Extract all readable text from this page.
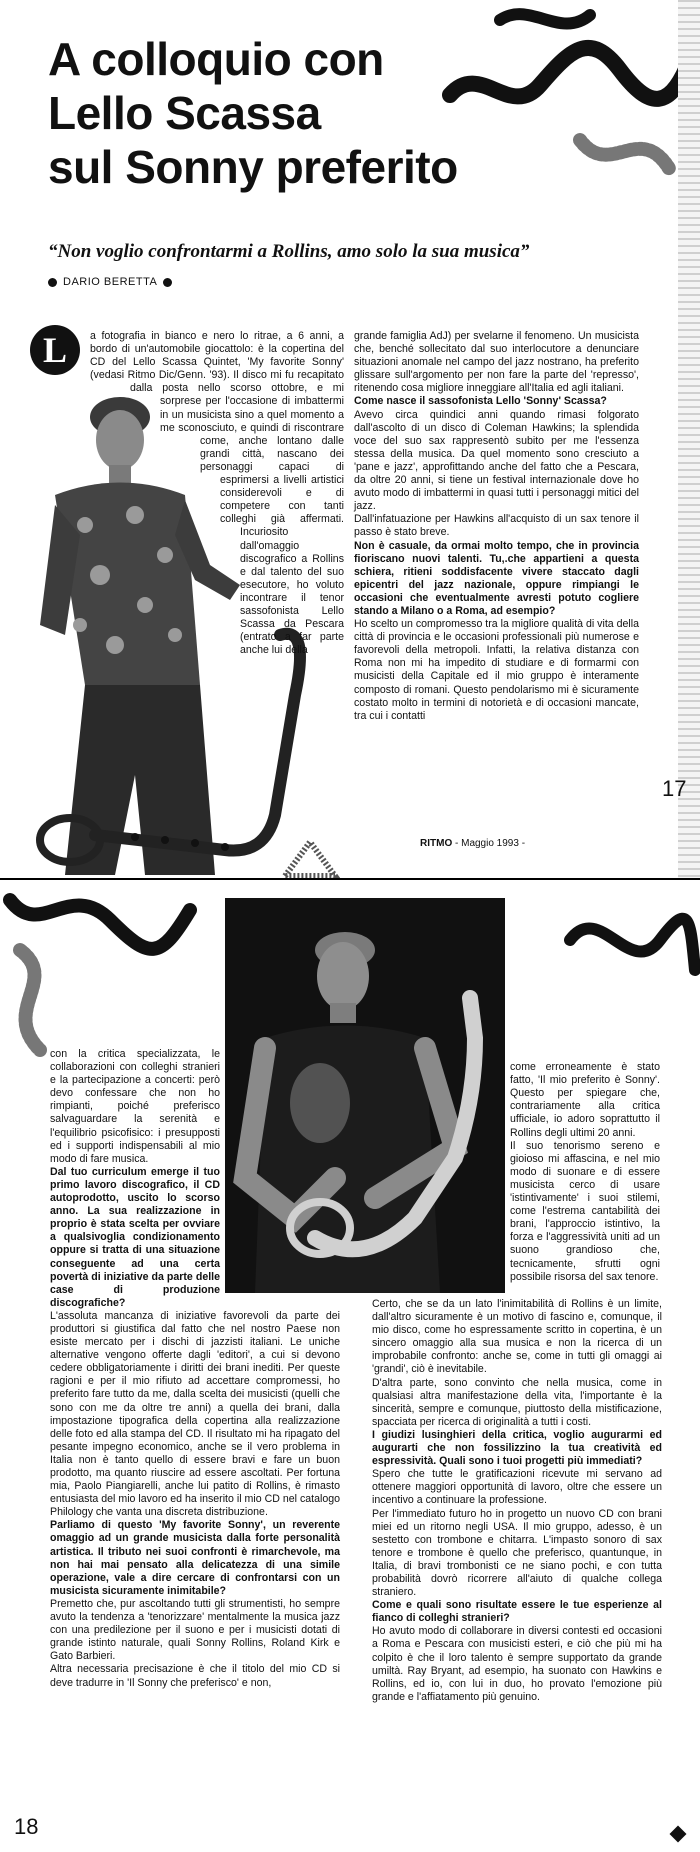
A colloquio con
Lello Scassa
sul Sonny preferito

“Non voglio confrontarmi a Rollins, amo solo la sua musica”

DARIO BERETTA
L	a fotografia in bianco e nero lo ritrae, a 6 anni, a bordo di un'automobile giocattolo: è la copertina del CD del Lello Scassa Quintet, 'My favorite Sonny' (vedasi Ritmo Dic/Genn. '93). Il disco mi fu recapitato dalla posta nello scorso ottobre, e mi sorprese per l'occasione di imbattermi in un musicista sino a quel momento a me sconosciuto, e quindi di riscontrare come, anche lontano dalle grandi città, nascano dei personaggi capaci di esprimersi a livelli artistici considerevoli e di competere con tanti colleghi già affermati. Incuriosito dall'omaggio discografico a Rollins e dal talento del suo esecutore, ho voluto incontrare il tenor sassofonista Lello Scassa da Pescara (entrato a far parte anche lui della

grande famiglia AdJ) per svelarne il fenomeno. Un musicista che, benché sollecitato dal suo interlocutore a denunciare situazioni anomale nel campo del jazz nostrano, ha preferito glissare sull'argomento per non fare la parte del 'represso', ritenendo cosa migliore inneggiare all'Italia ed agli italiani.

Come nasce il sassofonista Lello 'Sonny' Scassa?

Avevo circa quindici anni quando rimasi folgorato dall'ascolto di un disco di Coleman Hawkins; la splendida voce del suo sax rappresentò subito per me l'essenza stessa della musica. Da quel momento sono cresciuto a 'pane e jazz', approfittando anche del fatto che a Pescara, da oltre 20 anni, si tiene un festival internazionale dove ho avuto modo di imbattermi in quasi tutti i personaggi mitici del jazz.

Dall'infatuazione per Hawkins all'acquisto di un sax tenore il passo è stato breve.

Non è casuale, da ormai molto tempo, che in provincia fioriscano nuovi talenti. Tu,.che appartieni a questa schiera, ritieni soddisfacente vivere staccato dagli epicentri del jazz nazionale, oppure rimpiangi le occasioni che eventualmente avresti potuto cogliere stando a Milano o a Roma, ad esempio?

Ho scelto un compromesso tra la migliore qualità di vita della città di provincia e le occasioni professionali più numerose e favorevoli della metropoli. Infatti, la relativa distanza con Roma non mi ha impedito di studiare e di formarmi con musicisti della Capitale ed il mio gruppo è interamente composto di romani. Questo pendolarismo mi è sicuramente costato molto in termini di notorietà e di occasioni mancate, tra cui i contatti

17
RITMO - Maggio 1993 -

con la critica specializzata, le collaborazioni con colleghi stranieri e la partecipazione a concerti: però devo confessare che non ho rimpianti, poiché preferisco salvaguardare la serenità e l'equilibrio psicofisico: i presupposti ed i supporti indispensabili al mio modo di fare musica.

Dal tuo curriculum emerge il tuo primo lavoro discografico, il CD autoprodotto, uscito lo scorso anno. La sua realizzazione in proprio è stata scelta per ovviare a qualsivoglia condizionamento oppure si tratta di una situazione conseguente ad una certa povertà di iniziative da parte delle case di produzione discografiche?

L'assoluta mancanza di iniziative favorevoli da parte dei produttori si giustifica dal fatto che nel nostro Paese non esiste mercato per i dischi di jazzisti italiani. Le uniche alternative vengono offerte dagli 'editori', a cui si devono cedere obbligatoriamente i diritti dei brani inediti. Per queste ragioni e per il mio rifiuto ad accettare compromessi, ho preferito fare tutto da me, dalla scelta dei musicisti (quelli che sono con me da oltre tre anni) a quella dei brani, dalla impostazione tipografica della copertina alla realizzazione delle foto ed alla stampa del CD. Il risultato mi ha ripagato del pesante impegno economico, anche se il vero problema in Italia non è tanto quello di essere bravi e fare un buon prodotto, ma quanto riuscire ad essere ascoltati. Per fortuna mia, Paolo Piangiarelli, anche lui patito di Rollins, è rimasto entusiasta del mio lavoro ed ha inserito il mio CD nel catalogo Philology che vanta una discreta distribuzione.

Parliamo di questo 'My favorite Sonny', un reverente omaggio ad un grande musicista dalla forte personalità artistica. Il tributo nei suoi confronti è rimarchevole, ma non hai mai pensato alla delicatezza di una simile operazione, vale a dire cercare di confrontarsi con un musicista sicuramente inimitabile?

Premetto che, pur ascoltando tutti gli strumentisti, ho sempre avuto la tendenza a 'tenorizzare' mentalmente la musica jazz con una predilezione per il suono e per i musicisti dotati di grande istinto naturale, quali Sonny Rollins, Roland Kirk e Gato Barbieri.

Altra necessaria precisazione è che il titolo del mio CD si deve tradurre in 'Il Sonny che preferisco' e non,

come erroneamente è stato fatto, 'Il mio preferito è Sonny'. Questo per spiegare che, contrariamente alla critica ufficiale, io adoro soprattutto il Rollins degli ultimi 20 anni.
Il suo tenorismo sereno e gioioso mi affascina, e nel mio modo di suonare e di essere musicista cerco di usare 'istintivamente' i suoi stilemi, come l'estrema cantabilità dei brani, l'approccio istintivo, la forza e l'aggressività uniti ad un suono grandioso che, tecnicamente, sfrutti ogni possibile risorsa del sax tenore.

Certo, che se da un lato l'inimitabilità di Rollins è un limite, dall'altro sicuramente è un motivo di fascino e, comunque, il mio disco, come ho espressamente scritto in copertina, è un sincero omaggio alla sua musica e non la ricerca di un improbabile confronto: anche se, come in tutti gli omaggi ai 'grandi', ciò è inevitabile.

D'altra parte, sono convinto che nella musica, come in qualsiasi altra manifestazione della vita, l'importante è la sincerità, sempre e comunque, piuttosto della mistificazione, spacciata per ricerca di originalità a tutti i costi.

I giudizi lusinghieri della critica, voglio augurarmi ed augurarti che non fossilizzino la tua creatività ed espressività. Quali sono i tuoi progetti più immediati?

Spero che tutte le gratificazioni ricevute mi servano ad ottenere maggiori opportunità di lavoro, oltre che essere un incentivo a continuare la professione.

Per l'immediato futuro ho in progetto un nuovo CD con brani miei ed un ritorno negli USA. Il mio gruppo, adesso, è un sestetto con trombone e chitarra. L'impasto sonoro di sax tenore e trombone è quello che preferisco, quantunque, in Italia, di bravi trombonisti ce ne siano pochi, e con tutta probabilità dovrò ricorrere all'aiuto di qualche collega straniero.

Come e quali sono risultate essere le tue esperienze al fianco di colleghi stranieri?

Ho avuto modo di collaborare in diversi contesti ed occasioni a Roma e Pescara con musicisti esteri, e ciò che più mi ha colpito è che il loro talento è sempre supportato da grande umiltà. Ray Bryant, ad esempio, ha suonato con Hawkins e Rollins, ed io, con lui in duo, ho provato l'emozione più grande e l'affiatamento più genuino.

18
